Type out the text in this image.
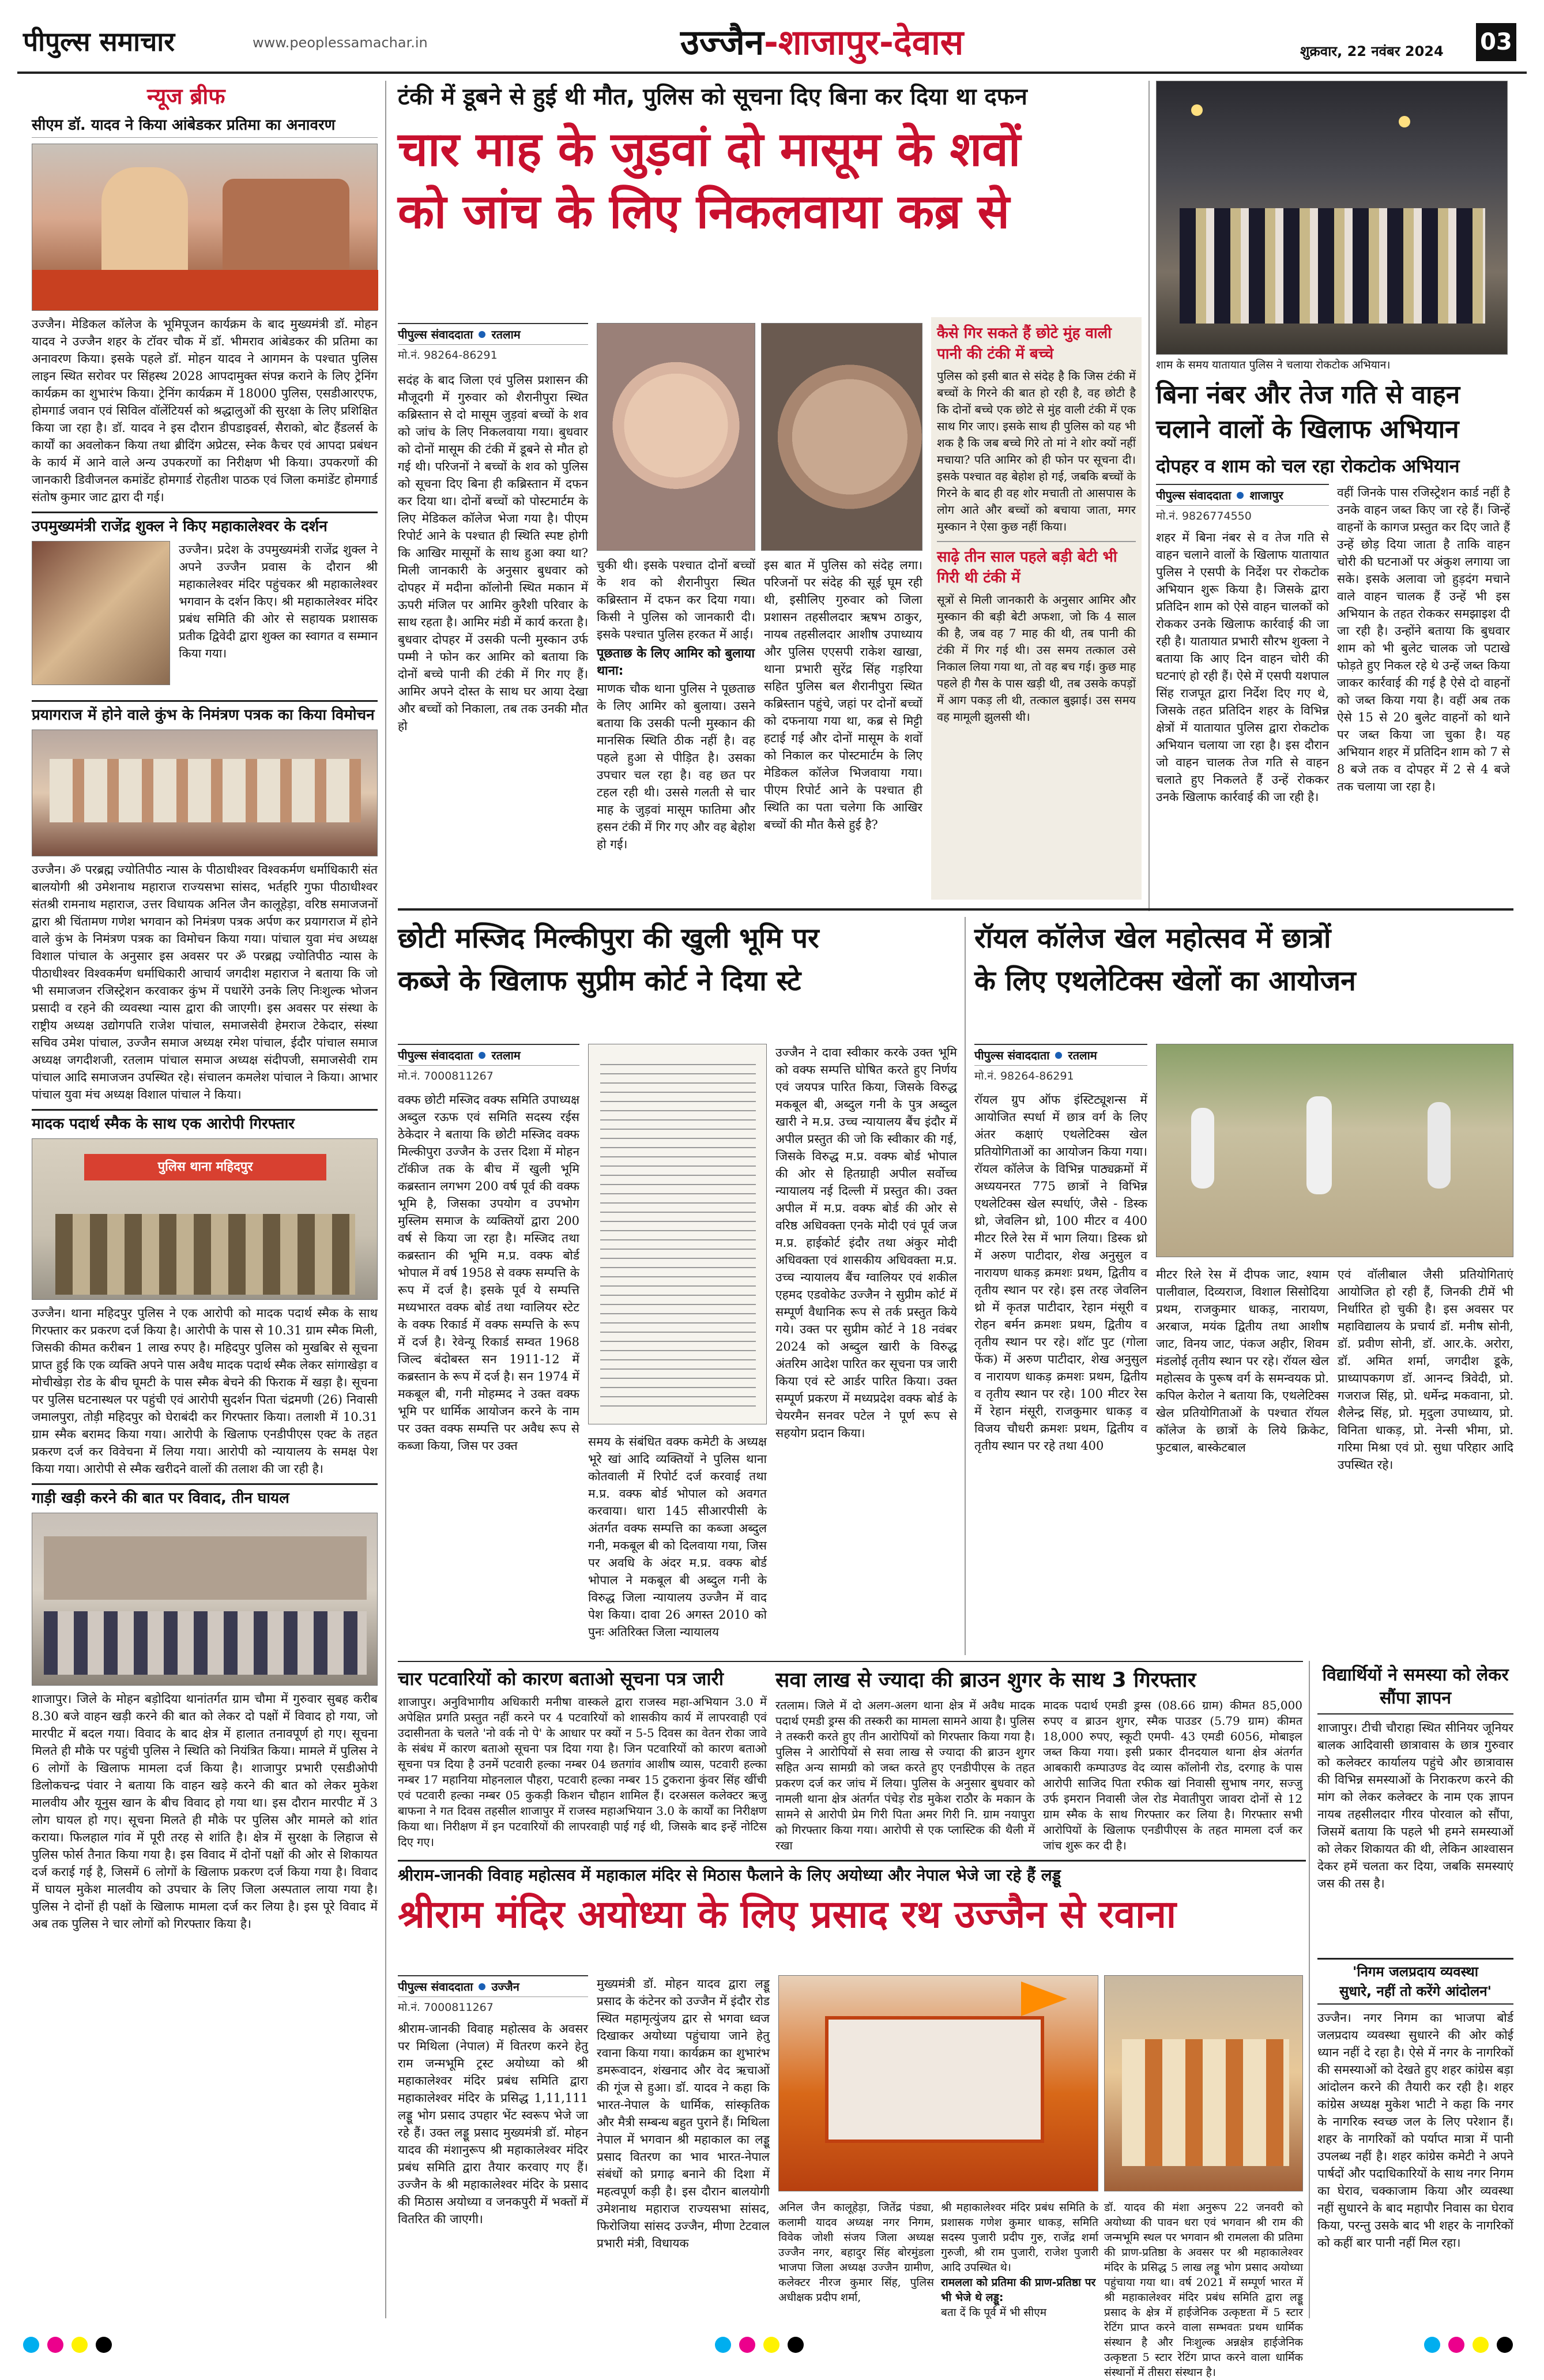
पीपुल्स समाचार	www.peoplessamachar.in	उज्जैन-शाजापुर-देवास	शुक्रवार, 22 नवंबर 2024 03
न्यूज ब्रीफ
सीएम डॉ. यादव ने किया आंबेडकर प्रतिमा का अनावरण
उज्जैन। मेडिकल कॉलेज के भूमिपूजन कार्यक्रम के बाद मुख्यमंत्री डॉ. मोहन यादव ने उज्जैन शहर के टॉवर चौक में डॉ. भीमराव आंबेडकर की प्रतिमा का अनावरण किया। इसके पहले डॉ. मोहन यादव ने आगमन के पश्चात पुलिस लाइन स्थित सरोवर पर सिंहस्थ 2028 आपदामुक्त संपन्न कराने के लिए ट्रेनिंग कार्यक्रम का शुभारंभ किया। ट्रेनिंग कार्यक्रम में 18000 पुलिस, एसडीआरएफ, होमगार्ड जवान एवं सिविल वॉलेंटियर्स को श्रद्धालुओं की सुरक्षा के लिए प्रशिक्षित किया जा रहा है। डॉ. यादव ने इस दौरान डीपडाइवर्स, सैराको, बोट हैंडलर्स के कार्यों का अवलोकन किया तथा ब्रीदिंग अप्रेटस, स्नेक कैचर एवं आपदा प्रबंधन के कार्य में आने वाले अन्य उपकरणों का निरीक्षण भी किया। उपकरणों की जानकारी डिवीजनल कमांडेंट होमगार्ड रोहतीश पाठक एवं जिला कमांडेंट होमगार्ड संतोष कुमार जाट द्वारा दी गई।
उपमुख्यमंत्री राजेंद्र शुक्ल ने किए महाकालेश्वर के दर्शन
उज्जैन। प्रदेश के उपमुख्यमंत्री राजेंद्र शुक्ल ने अपने उज्जैन प्रवास के दौरान श्री महाकालेश्वर मंदिर पहुंचकर श्री महाकालेश्वर भगवान के दर्शन किए। श्री महाकालेश्वर मंदिर प्रबंध समिति की ओर से सहायक प्रशासक प्रतीक द्विवेदी द्वारा शुक्ल का स्वागत व सम्मान किया गया।
प्रयागराज में होने वाले कुंभ के निमंत्रण पत्रक का किया विमोचन
उज्जैन। ॐ परब्रह्म ज्योतिपीठ न्यास के पीठाधीश्वर विश्वकर्मण धर्माधिकारी संत बालयोगी श्री उमेशनाथ महाराज राज्यसभा सांसद, भर्तहरि गुफा पीठाधीश्वर संतश्री रामनाथ महाराज, उत्तर विधायक अनिल जैन कालूहेड़ा, वरिष्ठ समाजजनों द्वारा श्री चिंतामण गणेश भगवान को निमंत्रण पत्रक अर्पण कर प्रयागराज में होने वाले कुंभ के निमंत्रण पत्रक का विमोचन किया गया। पांचाल युवा मंच अध्यक्ष विशाल पांचाल के अनुसार इस अवसर पर ॐ परब्रह्म ज्योतिपीठ न्यास के पीठाधीश्वर विश्वकर्मण धर्माधिकारी आचार्य जगदीश महाराज ने बताया कि जो भी समाजजन रजिस्ट्रेशन करवाकर कुंभ में पधारेंगे उनके लिए निःशुल्क भोजन प्रसादी व रहने की व्यवस्था न्यास द्वारा की जाएगी। इस अवसर पर संस्था के राष्ट्रीय अध्यक्ष उद्योगपति राजेश पांचाल, समाजसेवी हेमराज टेकेदार, संस्था सचिव उमेश पांचाल, उज्जैन समाज अध्यक्ष रमेश पांचाल, ईदौर पांचाल समाज अध्यक्ष जगदीशजी, रतलाम पांचाल समाज अध्यक्ष संदीपजी, समाजसेवी राम पांचाल आदि समाजजन उपस्थित रहे। संचालन कमलेश पांचाल ने किया। आभार पांचाल युवा मंच अध्यक्ष विशाल पांचाल ने किया।
मादक पदार्थ स्मैक के साथ एक आरोपी गिरफ्तार
पुलिस थाना महिदपुर
उज्जैन। थाना महिदपुर पुलिस ने एक आरोपी को मादक पदार्थ स्मैक के साथ गिरफ्तार कर प्रकरण दर्ज किया है। आरोपी के पास से 10.31 ग्राम स्मैक मिली, जिसकी कीमत करीबन 1 लाख रुपए है। महिदपुर पुलिस को मुखबिर से सूचना प्राप्त हुई कि एक व्यक्ति अपने पास अवैध मादक पदार्थ स्मैक लेकर सांगाखेड़ा व मोचीखेड़ा रोड के बीच घूमटी के पास स्मैक बेचने की फिराक में खड़ा है। सूचना पर पुलिस घटनास्थल पर पहुंची एवं आरोपी सुदर्शन पिता चंद्रमणी (26) निवासी जमालपुरा, तोड़ी महिदपुर को घेराबंदी कर गिरफ्तार किया। तलाशी में 10.31 ग्राम स्मैक बरामद किया गया। आरोपी के खिलाफ एनडीपीएस एक्ट के तहत प्रकरण दर्ज कर विवेचना में लिया गया। आरोपी को न्यायालय के समक्ष पेश किया गया। आरोपी से स्मैक खरीदने वालों की तलाश की जा रही है।
गाड़ी खड़ी करने की बात पर विवाद, तीन घायल
शाजापुर। जिले के मोहन बड़ोदिया थानांतर्गत ग्राम चौमा में गुरुवार सुबह करीब 8.30 बजे वाहन खड़ी करने की बात को लेकर दो पक्षों में विवाद हो गया, जो मारपीट में बदल गया। विवाद के बाद क्षेत्र में हालात तनावपूर्ण हो गए। सूचना मिलते ही मौके पर पहुंची पुलिस ने स्थिति को नियंत्रित किया। मामले में पुलिस ने 6 लोगों के खिलाफ मामला दर्ज किया है। शाजापुर प्रभारी एसडीओपी डिलोकचन्द्र पंवार ने बताया कि वाहन खड़े करने की बात को लेकर मुकेश मालवीय और यूनुस खान के बीच विवाद हो गया था। इस दौरान मारपीट में 3 लोग घायल हो गए। सूचना मिलते ही मौके पर पुलिस और मामले को शांत कराया। फिलहाल गांव में पूरी तरह से शांति है। क्षेत्र में सुरक्षा के लिहाज से पुलिस फोर्स तैनात किया गया है। इस विवाद में दोनों पक्षों की ओर से शिकायत दर्ज कराई गई है, जिसमें 6 लोगों के खिलाफ प्रकरण दर्ज किया गया है। विवाद में घायल मुकेश मालवीय को उपचार के लिए जिला अस्पताल लाया गया है। पुलिस ने दोनों ही पक्षों के खिलाफ मामला दर्ज कर लिया है। इस पूरे विवाद में अब तक पुलिस ने चार लोगों को गिरफ्तार किया है।
टंकी में डूबने से हुई थी मौत, पुलिस को सूचना दिए बिना कर दिया था दफन
चार माह के जुड़वां दो मासूम के शवों
को जांच के लिए निकलवाया कब्र से
पीपुल्स संवाददाता रतलाम
मो.नं. 98264-86291
सदंह के बाद जिला एवं पुलिस प्रशासन की मौजूदगी में गुरुवार को शैरानीपुरा स्थित कब्रिस्तान से दो मासूम जुड़वां बच्चों के शव को जांच के लिए निकलवाया गया। बुधवार को दोनों मासूम की टंकी में डूबने से मौत हो गई थी। परिजनों ने बच्चों के शव को पुलिस को सूचना दिए बिना ही कब्रिस्तान में दफन कर दिया था। दोनों बच्चों को पोस्टमार्टम के लिए मेडिकल कॉलेज भेजा गया है। पीएम रिपोर्ट आने के पश्चात ही स्थिति स्पष्ट होगी कि आखिर मासूमों के साथ हुआ क्या था? मिली जानकारी के अनुसार बुधवार को दोपहर में मदीना कॉलोनी स्थित मकान में ऊपरी मंजिल पर आमिर कुरैशी परिवार के साथ रहता है। आमिर मंडी में कार्य करता है। बुधवार दोपहर में उसकी पत्नी मुस्कान उर्फ पम्मी ने फोन कर आमिर को बताया कि दोनों बच्चे पानी की टंकी में गिर गए हैं। आमिर अपने दोस्त के साथ घर आया देखा और बच्चों को निकाला, तब तक उनकी मौत हो
चुकी थी। इसके पश्चात दोनों बच्चों के शव को शैरानीपुरा स्थित कब्रिस्तान में दफन कर दिया गया। किसी ने पुलिस को जानकारी दी। इसके पश्चात पुलिस हरकत में आई।
पूछताछ के लिए आमिर को बुलाया थाना:
माणक चौक थाना पुलिस ने पूछताछ के लिए आमिर को बुलाया। उसने बताया कि उसकी पत्नी मुस्कान की मानसिक स्थिति ठीक नहीं है। वह पहले हुआ से पीड़ित है। उसका उपचार चल रहा है। वह छत पर टहल रही थी। उससे गलती से चार माह के जुड़वां मासूम फातिमा और हसन टंकी में गिर गए और वह बेहोश हो गई।
इस बात में पुलिस को संदेह लगा। परिजनों पर संदेह की सूई घूम रही थी, इसीलिए गुरुवार को जिला प्रशासन तहसीलदार ऋषभ ठाकुर, नायब तहसीलदार आशीष उपाध्याय और पुलिस एएसपी राकेश खाखा, थाना प्रभारी सुरेंद्र सिंह गड़रिया सहित पुलिस बल शैरानीपुरा स्थित कब्रिस्तान पहुंचे, जहां पर दोनों बच्चों को दफनाया गया था, कब्र से मिट्टी हटाई गई और दोनों मासूम के शवों को निकाल कर पोस्टमार्टम के लिए मेडिकल कॉलेज भिजवाया गया। पीएम रिपोर्ट आने के पश्चात ही स्थिति का पता चलेगा कि आखिर बच्चों की मौत कैसे हुई है?
कैसे गिर सकते हैं छोटे मुंह वाली पानी की टंकी में बच्चे
पुलिस को इसी बात से संदेह है कि जिस टंकी में बच्चों के गिरने की बात हो रही है, वह छोटी है कि दोनों बच्चे एक छोटे से मुंह वाली टंकी में एक साथ गिर जाए। इसके साथ ही पुलिस को यह भी शक है कि जब बच्चे गिरे तो मां ने शोर क्यों नहीं मचाया? पति आमिर को ही फोन पर सूचना दी। इसके पश्चात वह बेहोश हो गई, जबकि बच्चों के गिरने के बाद ही वह शोर मचाती तो आसपास के लोग आते और बच्चों को बचाया जाता, मगर मुस्कान ने ऐसा कुछ नहीं किया।
साढ़े तीन साल पहले बड़ी बेटी भी गिरी थी टंकी में
सूत्रों से मिली जानकारी के अनुसार आमिर और मुस्कान की बड़ी बेटी अफशा, जो कि 4 साल की है, जब वह 7 माह की थी, तब पानी की टंकी में गिर गई थी। उस समय तत्काल उसे निकाल लिया गया था, तो वह बच गई। कुछ माह पहले ही गैस के पास खड़ी थी, तब उसके कपड़ों में आग पकड़ ली थी, तत्काल बुझाई। उस समय वह मामूली झुलसी थी।
शाम के समय यातायात पुलिस ने चलाया रोकटोक अभियान।
बिना नंबर और तेज गति से वाहन
चलाने वालों के खिलाफ अभियान
दोपहर व शाम को चल रहा रोकटोक अभियान
पीपुल्स संवाददाता शाजापुर
मो.नं. 9826774550
शहर में बिना नंबर से व तेज गति से वाहन चलाने वालों के खिलाफ यातायात पुलिस ने एसपी के निर्देश पर रोकटोक अभियान शुरू किया है। जिसके द्वारा प्रतिदिन शाम को ऐसे वाहन चालकों को रोककर उनके खिलाफ कार्रवाई की जा रही है। यातायात प्रभारी सौरभ शुक्ला ने बताया कि आए दिन वाहन चोरी की घटनाएं हो रही हैं। ऐसे में एसपी यशपाल सिंह राजपूत द्वारा निर्देश दिए गए थे, जिसके तहत प्रतिदिन शहर के विभिन्न क्षेत्रों में यातायात पुलिस द्वारा रोकटोक अभियान चलाया जा रहा है। इस दौरान जो वाहन चालक तेज गति से वाहन चलाते हुए निकलते हैं उन्हें रोककर उनके खिलाफ कार्रवाई की जा रही है।
वहीं जिनके पास रजिस्ट्रेशन कार्ड नहीं है उनके वाहन जब्त किए जा रहे हैं। जिन्हें वाहनों के कागज प्रस्तुत कर दिए जाते हैं उन्हें छोड़ दिया जाता है ताकि वाहन चोरी की घटनाओं पर अंकुश लगाया जा सके। इसके अलावा जो हुड़दंग मचाने वाले वाहन चालक हैं उन्हें भी इस अभियान के तहत रोककर समझाइश दी जा रही है। उन्होंने बताया कि बुधवार शाम को भी बुलेट चालक जो पटाखे फोड़ते हुए निकल रहे थे उन्हें जब्त किया जाकर कार्रवाई की गई है ऐसे दो वाहनों को जब्त किया गया है। वहीं अब तक ऐसे 15 से 20 बुलेट वाहनों को थाने पर जब्त किया जा चुका है। यह अभियान शहर में प्रतिदिन शाम को 7 से 8 बजे तक व दोपहर में 2 से 4 बजे तक चलाया जा रहा है।
छोटी मस्जिद मिल्कीपुरा की खुली भूमि पर
कब्जे के खिलाफ सुप्रीम कोर्ट ने दिया स्टे
पीपुल्स संवाददाता रतलाम
मो.नं. 7000811267
वक्फ छोटी मस्जिद वक्फ समिति उपाध्यक्ष अब्दुल रऊफ एवं समिति सदस्य रईस ठेकेदार ने बताया कि छोटी मस्जिद वक्फ मिल्कीपुरा उज्जैन के उत्तर दिशा में मोहन टॉकीज तक के बीच में खुली भूमि कब्रस्तान लगभग 200 वर्ष पूर्व की वक्फ भूमि है, जिसका उपयोग व उपभोग मुस्लिम समाज के व्यक्तियों द्वारा 200 वर्ष से किया जा रहा है। मस्जिद तथा कब्रस्तान की भूमि म.प्र. वक्फ बोर्ड भोपाल में वर्ष 1958 से वक्फ सम्पत्ति के रूप में दर्ज है। इसके पूर्व ये सम्पत्ति मध्यभारत वक्फ बोर्ड तथा ग्वालियर स्टेट के वक्फ रिकार्ड में वक्फ सम्पत्ति के रूप में दर्ज है। रेवेन्यू रिकार्ड सम्वत 1968 जिल्द बंदोबस्त सन 1911-12 में कब्रस्तान के रूप में दर्ज है। सन 1974 में मकबूल बी, गनी मोहम्मद ने उक्त वक्फ भूमि पर धार्मिक आयोजन करने के नाम पर उक्त वक्फ सम्पत्ति पर अवैध रूप से कब्जा किया, जिस पर उक्त	समय के संबंधित वक्फ कमेटी के अध्यक्ष भूरे खां आदि व्यक्तियों ने पुलिस थाना कोतवाली में रिपोर्ट दर्ज करवाई तथा म.प्र. वक्फ बोर्ड भोपाल को अवगत करवाया। धारा 145 सीआरपीसी के अंतर्गत वक्फ सम्पत्ति का कब्जा अब्दुल गनी, मकबूल बी को दिलवाया गया, जिस पर अवधि के अंदर म.प्र. वक्फ बोर्ड भोपाल ने मकबूल बी अब्दुल गनी के विरुद्ध जिला न्यायालय उज्जैन में वाद पेश किया। दावा 26 अगस्त 2010 को पुनः अतिरिक्त जिला न्यायालय
उज्जैन ने दावा स्वीकार करके उक्त भूमि को वक्फ सम्पत्ति घोषित करते हुए निर्णय एवं जयपत्र पारित किया, जिसके विरुद्ध मकबूल बी, अब्दुल गनी के पुत्र अब्दुल खारी ने म.प्र. उच्च न्यायालय बैंच इंदौर में अपील प्रस्तुत की जो कि स्वीकार की गई, जिसके विरुद्ध म.प्र. वक्फ बोर्ड भोपाल की ओर से हितग्राही अपील सर्वोच्च न्यायालय नई दिल्ली में प्रस्तुत की। उक्त अपील में म.प्र. वक्फ बोर्ड की ओर से वरिष्ठ अधिवक्ता एनके मोदी एवं पूर्व जज म.प्र. हाईकोर्ट इंदौर तथा अंकुर मोदी अधिवक्ता एवं शासकीय अधिवक्ता म.प्र. उच्च न्यायालय बैंच ग्वालियर एवं शकील एहमद एडवोकेट उज्जैन ने सुप्रीम कोर्ट में सम्पूर्ण वैधानिक रूप से तर्क प्रस्तुत किये गये। उक्त पर सुप्रीम कोर्ट ने 18 नवंबर 2024 को अब्दुल खारी के विरुद्ध अंतरिम आदेश पारित कर सूचना पत्र जारी किया एवं स्टे आर्डर पारित किया। उक्त सम्पूर्ण प्रकरण में मध्यप्रदेश वक्फ बोर्ड के चेयरमैन सनवर पटेल ने पूर्ण रूप से सहयोग प्रदान किया।
रॉयल कॉलेज खेल महोत्सव में छात्रों
के लिए एथलेटिक्स खेलों का आयोजन
पीपुल्स संवाददाता रतलाम
मो.नं. 98264-86291
रॉयल ग्रुप ऑफ इंस्टिट्यूशन्स में आयोजित स्पर्धा में छात्र वर्ग के लिए अंतर कक्षाएं एथलेटिक्स खेल प्रतियोगिताओं का आयोजन किया गया। रॉयल कॉलेज के विभिन्न पाठ्यक्रमों में अध्ययनरत 775 छात्रों ने विभिन्न एथलेटिक्स खेल स्पर्धाएं, जैसे - डिस्क थ्रो, जेवलिन थ्रो, 100 मीटर व 400 मीटर रिले रेस में भाग लिया। डिस्क थ्रो में अरुण पाटीदार, शेख अनुसुल व नारायण धाकड़ क्रमशः प्रथम, द्वितीय व तृतीय स्थान पर रहे। इस तरह जेवलिन थ्रो में कृतज्ञ पाटीदार, रेहान मंसूरी व रोहन बर्मन क्रमशः प्रथम, द्वितीय व तृतीय स्थान पर रहे। शॉट पुट (गोला फेंक) में अरुण पाटीदार, शेख अनुसुल व नारायण धाकड़ क्रमशः प्रथम, द्वितीय व तृतीय स्थान पर रहे। 100 मीटर रेस में रेहान मंसूरी, राजकुमार धाकड़ व विजय चौधरी क्रमशः प्रथम, द्वितीय व तृतीय स्थान पर रहे तथा 400
मीटर रिले रेस में दीपक जाट, श्याम पालीवाल, दिव्यराज, विशाल सिसोदिया प्रथम, राजकुमार धाकड़, नारायण, अरबाज, मयंक द्वितीय तथा आशीष जाट, विनय जाट, पंकज अहीर, शिवम मंडलोई तृतीय स्थान पर रहे। रॉयल खेल महोत्सव के पुरूष वर्ग के समन्वयक प्रो. कपिल केरोल ने बताया कि, एथलेटिक्स खेल प्रतियोगिताओं के पश्चात रॉयल कॉलेज के छात्रों के लिये क्रिकेट, फुटबाल, बास्केटबाल
एवं वॉलीबाल जैसी प्रतियोगिताएं आयोजित हो रही हैं, जिनकी टीमें भी निर्धारित हो चुकी है। इस अवसर पर महाविद्यालय के प्रचार्य डॉ. मनीष सोनी, डॉ. प्रवीण सोनी, डॉ. आर.के. अरोरा, डॉ. अमित शर्मा, जगदीश डूके, प्राध्यापकगण डॉ. आनन्द त्रिवेदी, प्रो. गजराज सिंह, प्रो. धर्मेन्द्र मकवाना, प्रो. शैलेन्द्र सिंह, प्रो. मृदुला उपाध्याय, प्रो. विनिता धाकड़, प्रो. नेन्सी भीमा, प्रो. गरिमा मिश्रा एवं प्रो. सुधा परिहार आदि उपस्थित रहे।
चार पटवारियों को कारण बताओ सूचना पत्र जारी
शाजापुर। अनुविभागीय अधिकारी मनीषा वास्कले द्वारा राजस्व महा-अभियान 3.0 में अपेक्षित प्रगति प्रस्तुत नहीं करने पर 4 पटवारियों को शासकीय कार्य में लापरवाही एवं उदासीनता के चलते 'नो वर्क नो पे' के आधार पर क्यों न 5-5 दिवस का वेतन रोका जावे के संबंध में कारण बताओ सूचना पत्र दिया गया है। जिन पटवारियों को कारण बताओ सूचना पत्र दिया है उनमें पटवारी हल्का नम्बर 04 छतगांव आशीष व्यास, पटवारी हल्का नम्बर 17 महानिया मोहनलाल पौहरा, पटवारी हल्का नम्बर 15 टुकराना कुंवर सिंह खींची एवं पटवारी हल्का नम्बर 05 कुकड़ी किशन चौहान शामिल हैं। दरअसल कलेक्टर ऋजु बाफना ने गत दिवस तहसील शाजापुर में राजस्व महाअभियान 3.0 के कार्यों का निरीक्षण किया था। निरीक्षण में इन पटवारियों की लापरवाही पाई गई थी, जिसके बाद इन्हें नोटिस दिए गए।
सवा लाख से ज्यादा की ब्राउन शुगर के साथ 3 गिरफ्तार
रतलाम। जिले में दो अलग-अलग थाना क्षेत्र में अवैध मादक पदार्थ एमडी ड्रग्स की तस्करी का मामला सामने आया है। पुलिस ने तस्करी करते हुए तीन आरोपियों को गिरफ्तार किया गया है। पुलिस ने आरोपियों से सवा लाख से ज्यादा की ब्राउन शुगर सहित अन्य सामग्री को जब्त करते हुए एनडीपीएस के तहत प्रकरण दर्ज कर जांच में लिया। पुलिस के अनुसार बुधवार को नामली थाना क्षेत्र अंतर्गत पंचेड़ रोड मुकेश राठौर के मकान के सामने से आरोपी प्रेम गिरी पिता अमर गिरी नि. ग्राम नयापुरा को गिरफ्तार किया गया। आरोपी से एक प्लास्टिक की थैली में रखा
मादक पदार्थ एमडी ड्रग्स (08.66 ग्राम) कीमत 85,000 रुपए व ब्राउन शुगर, स्मैक पाउडर (5.79 ग्राम) कीमत 18,000 रुपए, स्कूटी एमपी- 43 एमडी 6056, मोबाइल जब्त किया गया। इसी प्रकार दीनदयाल थाना क्षेत्र अंतर्गत आबकारी कम्पाउण्ड वेद व्यास कॉलोनी रोड, दरगाह के पास आरोपी साजिद पिता रफीक खां निवासी सुभाष नगर, सज्जु उर्फ इमरान निवासी जेल रोड मेवातीपुरा जावरा दोनों से 12 ग्राम स्मैक के साथ गिरफ्तार कर लिया है। गिरफ्तार सभी आरोपियों के खिलाफ एनडीपीएस के तहत मामला दर्ज कर जांच शुरू कर दी है।
विद्यार्थियों ने समस्या को लेकर सौंपा ज्ञापन
शाजापुर। टीची चौराहा स्थित सीनियर जूनियर बालक आदिवासी छात्रावास के छात्र गुरुवार को कलेक्टर कार्यालय पहुंचे और छात्रावास की विभिन्न समस्याओं के निराकरण करने की मांग को लेकर कलेक्टर के नाम एक ज्ञापन नायब तहसीलदार गीरव पोरवाल को सौंपा, जिसमें बताया कि पहले भी हमने समस्याओं को लेकर शिकायत की थी, लेकिन आश्वासन देकर हमें चलता कर दिया, जबकि समस्याएं जस की तस है।
'निगम जलप्रदाय व्यवस्था
सुधारे, नहीं तो करेंगे आंदोलन'
उज्जैन। नगर निगम का भाजपा बोर्ड जलप्रदाय व्यवस्था सुधारने की ओर कोई ध्यान नहीं दे रहा है। ऐसे में नगर के नागरिकों की समस्याओं को देखते हुए शहर कांग्रेस बड़ा आंदोलन करने की तैयारी कर रही है। शहर कांग्रेस अध्यक्ष मुकेश भाटी ने कहा कि नगर के नागरिक स्वच्छ जल के लिए परेशान हैं। शहर के नागरिकों को पर्याप्त मात्रा में पानी उपलब्ध नहीं है। शहर कांग्रेस कमेटी ने अपने पार्षदों और पदाधिकारियों के साथ नगर निगम का घेराव, चक्काजाम किया और व्यवस्था नहीं सुधारने के बाद महापौर निवास का घेराव किया, परन्तु उसके बाद भी शहर के नागरिकों को कहीं बार पानी नहीं मिल रहा।
श्रीराम-जानकी विवाह महोत्सव में महाकाल मंदिर से मिठास फैलाने के लिए अयोध्या और नेपाल भेजे जा रहे हैं लड्डू
श्रीराम मंदिर अयोध्या के लिए प्रसाद रथ उज्जैन से रवाना
पीपुल्स संवाददाता उज्जैन
मो.नं. 7000811267
श्रीराम-जानकी विवाह महोत्सव के अवसर पर मिथिला (नेपाल) में वितरण करने हेतु राम जन्मभूमि ट्रस्ट अयोध्या को श्री महाकालेश्वर मंदिर प्रबंध समिति द्वारा महाकालेश्वर मंदिर के प्रसिद्ध 1,11,111 लड्डू भोग प्रसाद उपहार भेंट स्वरूप भेजे जा रहे हैं। उक्त लड्डू प्रसाद मुख्यमंत्री डॉ. मोहन यादव की मंशानुरूप श्री महाकालेश्वर मंदिर प्रबंध समिति द्वारा तैयार करवाए गए हैं। उज्जैन के श्री महाकालेश्वर मंदिर के प्रसाद की मिठास अयोध्या व जनकपुरी में भक्तों में वितरित की जाएगी।
मुख्यमंत्री डॉ. मोहन यादव द्वारा लड्डू प्रसाद के कंटेनर को उज्जैन में इंदौर रोड स्थित महामृत्युंजय द्वार से भगवा ध्वज दिखाकर अयोध्या पहुंचाया जाने हेतु रवाना किया गया। कार्यक्रम का शुभारंभ डमरूवादन, शंखनाद और वेद ऋचाओं की गूंज से हुआ। डॉ. यादव ने कहा कि भारत-नेपाल के धार्मिक, सांस्कृतिक और मैत्री सम्बन्ध बहुत पुराने हैं। मिथिला नेपाल में भगवान श्री महाकाल का लड्डू प्रसाद वितरण का भाव भारत-नेपाल संबंधों को प्रगाढ़ बनाने की दिशा में महत्वपूर्ण कड़ी है। इस दौरान बालयोगी उमेशनाथ महाराज राज्यसभा सांसद, फिरोजिया सांसद उज्जैन, मीणा टेटवाल प्रभारी मंत्री, विधायक
अनिल जैन कालूहेड़ा, जितेंद्र पंड्या, कलामी यादव अध्यक्ष नगर निगम, विवेक जोशी संजय जिला अध्यक्ष उज्जैन नगर, बहादुर सिंह बोरमुंडला भाजपा जिला अध्यक्ष उज्जैन ग्रामीण, कलेक्टर नीरज कुमार सिंह, पुलिस अधीक्षक प्रदीप शर्मा,
श्री महाकालेश्वर मंदिर प्रबंध समिति के प्रशासक गणेश कुमार धाकड़, समिति सदस्य पुजारी प्रदीप गुरु, राजेंद्र शर्मा गुरुजी, श्री राम पुजारी, राजेश पुजारी आदि उपस्थित थे।
रामलला को प्रतिमा की प्राण-प्रतिष्ठा पर भी भेजे थे लड्डू:
बता दें कि पूर्व में भी सीएम
डॉ. यादव की मंशा अनुरूप 22 जनवरी को अयोध्या की पावन धरा एवं भगवान श्री राम की जन्मभूमि स्थल पर भगवान श्री रामलला की प्रतिमा की प्राण-प्रतिष्ठा के अवसर पर श्री महाकालेश्वर मंदिर के प्रसिद्ध 5 लाख लड्डू भोग प्रसाद अयोध्या पहुंचाया गया था। वर्ष 2021 में सम्पूर्ण भारत में श्री महाकालेश्वर मंदिर प्रबंध समिति द्वारा लड्डू प्रसाद के क्षेत्र में हाईजेनिक उत्कृष्टता में 5 स्टार रेटिंग प्राप्त करने वाला सम्भवतः प्रथम धार्मिक संस्थान है और निःशुल्क अन्नक्षेत्र हाईजेनिक उत्कृष्टता 5 स्टार रेटिंग प्राप्त करने वाला धार्मिक संस्थानों में तीसरा संस्थान है।
